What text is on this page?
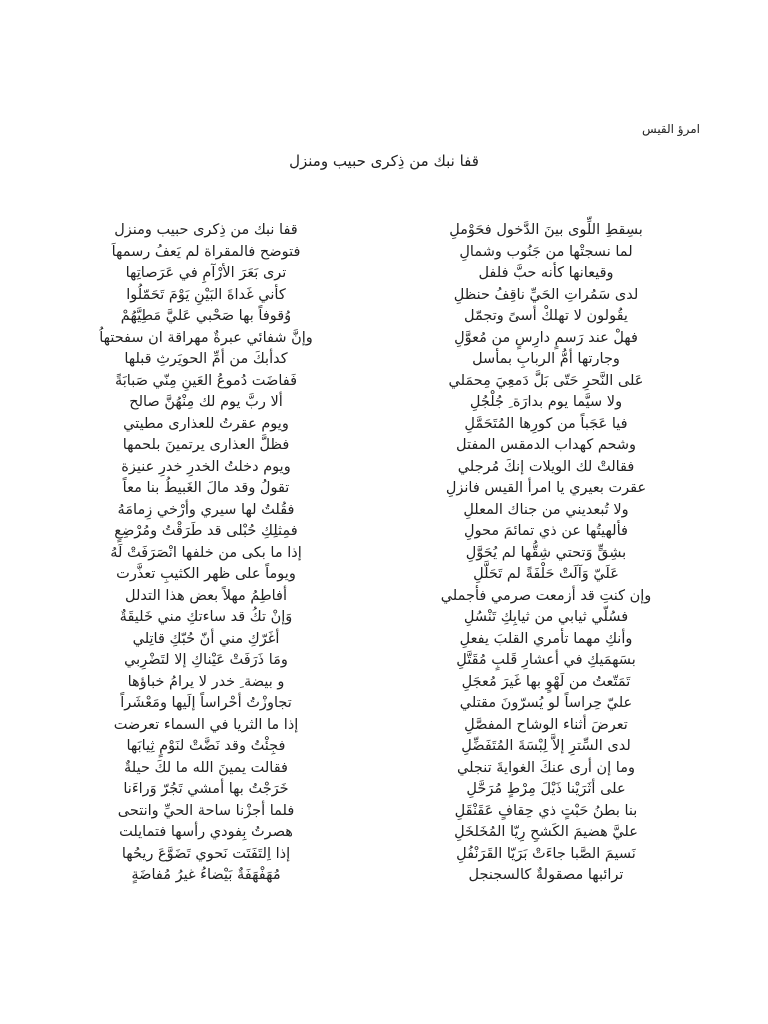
امرؤ القيس
قفا نبك من ذِكرى حبيب ومنزل
بسِقطِ اللِّوى بينَ الدَّخول فحَوْملِ
قفا نبك من ذِكرى حبيب ومنزل
لما نسجتْها من جَنُوب وشمالِ
فتوضح فالمقراة لم يَعفُ رسمهاَ
وقيعانها كأنه حبَّ فلفل
ترى بَعَرَ الأرْآمِ في عَرَصاتِها
لدى سَمُراتِ الحَيِّ ناقِفُ حنظلِ
كأني غَداةَ البَيْنِ يَوْمَ تَحَمّلُوا
يقُولون لا تهلكْ أسىً وتجمّل
وُقوفاً بها صَحْبي عَليَّ مَطِيَّهُمْ
فهلْ عند رَسمٍ دارِسٍ من مُعوَّلِ
وإنَّ شفائي عبرةٌ مهراقة ان سفحتهاُ
وجارتها أمُّ الربابِ بمأسل
كدأبكَ من أمِّ الحويَرثِ قبلها
عَلى النَّحرِ حَتّى بَلَّ دَمعِيَ مِحمَلي
فَفاضَت دُموعُ العَينِ مِنّي صَبابَةً
ولا سيَّما يوم بدارَة ِ جُلْجُلِ
ألا ربَّ يوم لك مِنْهُنَّ صالح
فيا عَجَباً من كورِها المُتَحَمَّلِ
ويوم عقرتُ للعذارى مطيتي
وشحم كهداب الدمقس المفتل
فظلَّ العذارى يرتمينَ بلحمها
فقالتْ لك الويلات إنكَ مُرجلي
ويوم دخلتُ الخدرِ خدرِ عنيزة
عقرت بعيري يا امرأ القيس فانزلِ
تقولُ وقد مالَ الغَبيطُ بنا معاً
ولا تُبعديني من جناك المعللِ
فقُلتُ لها سيري وأرْخي زِمامَهُ
فألهيتُها عن ذي تمائمَ محولِ
فمِثلِكِ حُبْلى قد طَرَقْتُ ومُرْضِعٍ
بشِقٍّ وَتحتي شِقُّها لم يُحَوَّلِ
إذا ما بكى من خلفها انْصَرَفَتْ لَهُ
عَلَيّ وَآلَتْ حَلْفَةً لم تَحَلَّلِ
ويوماً على ظهر الكثيبِ تعذَّرت
وإن كنتِ قد أزمعت صرمي فأجملي
أفاطِمُ مهلاً بعض هذا التدلل
فسُلّي ثيابي من ثيابِكِ تَنْسُلِ
وَإنْ تكُ قد ساءتكِ مني خَليقَةٌ
وأنكِ مهما تأمري القلبَ يفعلِ
أغَرّكِ مني أنّ حُبّكِ قاتِلي
بسَهمَيكِ في أعشارِ قَلبٍ مُقَتَّلِ
ومَا ذَرَفَتْ عَيْناكِ إلا لتَضْرِبي
تَمَتّعتُ من لَهْوٍ بها غَيرَ مُعجَلِ
و بيضة ِ خدر لا يرامُ خباؤها
عليّ حِراساً لو يُسرّونَ مقتلي
تجاوزْتُ أحْراساً إلَيها ومَعْشَراً
تعرضَ أثناء الوشاح المفصَّلِ
إذا ما الثريا في السماء تعرضت
لدى السِّترِ إلاَّ لِبْسَةَ المُتَفَضِّلِ
فجِئْتُ وقد نَضَّتْ لنَوْمٍ ثِيابَها
وما إن أرى عنكَ الغوايةَ تنجلي
فقالت يمينَ الله ما لكَ حيلةٌ
على أثَرَيْنا ذَيْلَ مِرْطٍ مُرَحَّلِ
خَرَجْتُ بها أمشي تَجُرّ وَراءَنا
بنا بطنُ حَبْتٍ ذي حِقافٍ عَقَنْقَلِ
فلما أجزْنا ساحة الحيِّ وانتحى
عليَّ هضيمَ الكَشحِ رِيّا المُخَلخَلِ
هصرتُ بِفودي رأسها فتمايلت
نَسيمَ الصَّبا جاءَتْ بَرَيّا القَرَنْفُلِ
إذا اِلتَفَتَت نَحوي تَضَوَّعَ ريحُها
ترائبها مصقولةٌ كالسجنجل
مُهَفْهَفَةٌ بَيْضاءُ غيرُ مُفاضَةٍ
